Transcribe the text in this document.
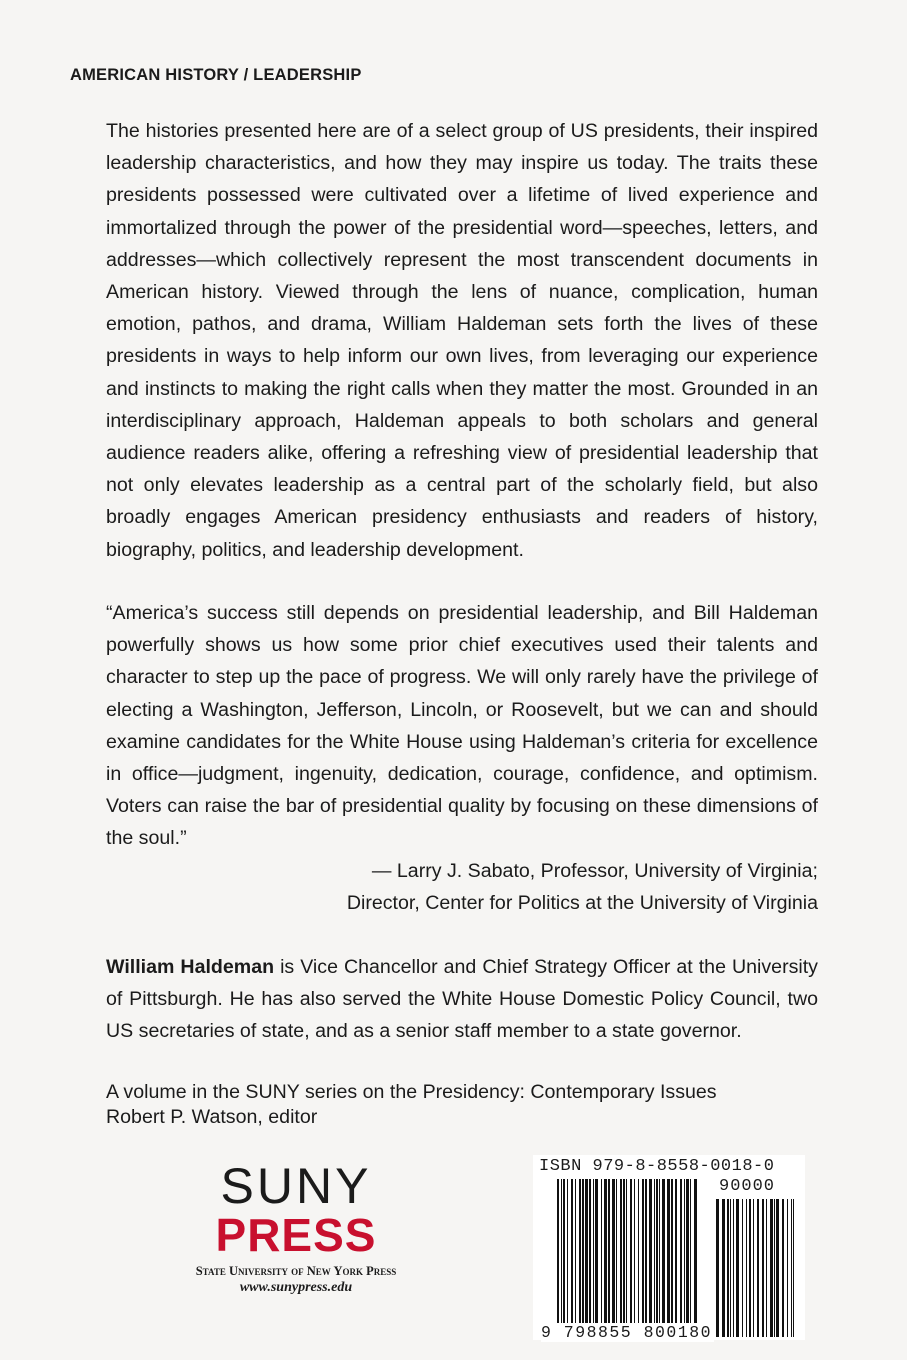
AMERICAN HISTORY / LEADERSHIP
The histories presented here are of a select group of US presidents, their inspired leadership characteristics, and how they may inspire us today. The traits these presidents possessed were cultivated over a lifetime of lived experience and immortalized through the power of the presidential word—speeches, letters, and addresses—which collectively represent the most transcendent documents in American history. Viewed through the lens of nuance, complication, human emotion, pathos, and drama, William Haldeman sets forth the lives of these presidents in ways to help inform our own lives, from leveraging our experience and instincts to making the right calls when they matter the most. Grounded in an interdisciplinary approach, Haldeman appeals to both scholars and general audience readers alike, offering a refreshing view of presidential leadership that not only elevates leadership as a central part of the scholarly field, but also broadly engages American presidency enthusiasts and readers of history, biography, politics, and leadership development.
“America’s success still depends on presidential leadership, and Bill Haldeman powerfully shows us how some prior chief executives used their talents and character to step up the pace of progress. We will only rarely have the privilege of electing a Washington, Jefferson, Lincoln, or Roosevelt, but we can and should examine candidates for the White House using Haldeman’s criteria for excellence in office—judgment, ingenuity, dedication, courage, confidence, and optimism. Voters can raise the bar of presidential quality by focusing on these dimensions of the soul.”
— Larry J. Sabato, Professor, University of Virginia;
Director, Center for Politics at the University of Virginia
William Haldeman is Vice Chancellor and Chief Strategy Officer at the University of Pittsburgh. He has also served the White House Domestic Policy Council, two US secretaries of state, and as a senior staff member to a state governor.
A volume in the SUNY series on the Presidency: Contemporary Issues
Robert P. Watson, editor
SUNY
PRESS
State University of New York Press
www.sunypress.edu
ISBN 979-8-8558-0018-0
90000
9 798855 800180
